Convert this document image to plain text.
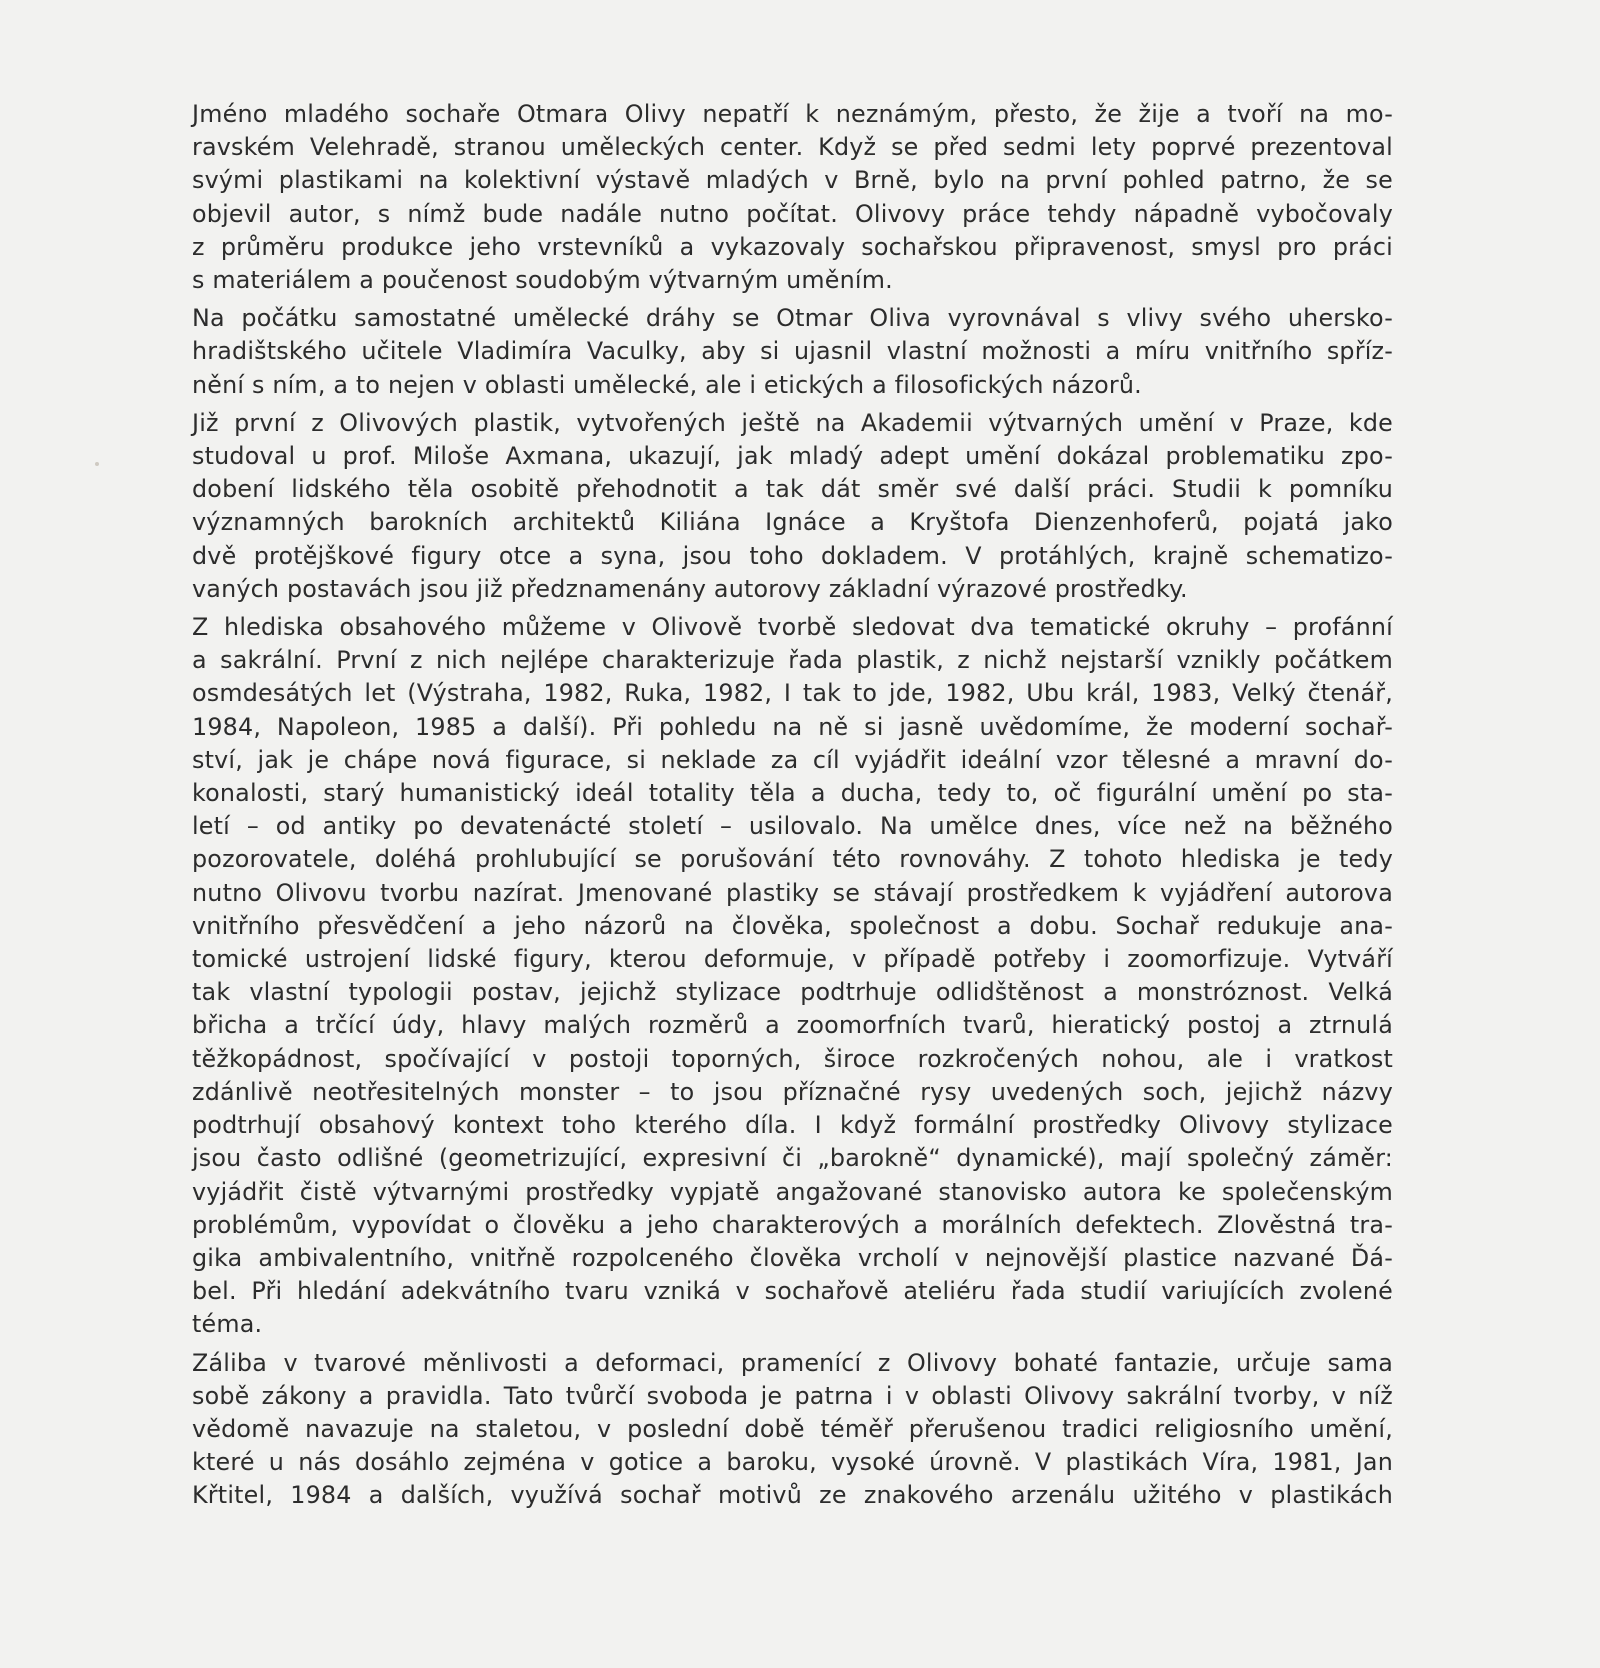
Jméno mladého sochaře Otmara Olivy nepatří k neznámým, přesto, že žije a tvoří na mo-
ravském Velehradě, stranou uměleckých center. Když se před sedmi lety poprvé prezentoval
svými plastikami na kolektivní výstavě mladých v Brně, bylo na první pohled patrno, že se
objevil autor, s nímž bude nadále nutno počítat. Olivovy práce tehdy nápadně vybočovaly
z průměru produkce jeho vrstevníků a vykazovaly sochařskou připravenost, smysl pro práci
s materiálem a poučenost soudobým výtvarným uměním.
Na počátku samostatné umělecké dráhy se Otmar Oliva vyrovnával s vlivy svého uhersko-
hradištského učitele Vladimíra Vaculky, aby si ujasnil vlastní možnosti a míru vnitřního spříz-
nění s ním, a to nejen v oblasti umělecké, ale i etických a filosofických názorů.
Již první z Olivových plastik, vytvořených ještě na Akademii výtvarných umění v Praze, kde
studoval u prof. Miloše Axmana, ukazují, jak mladý adept umění dokázal problematiku zpo-
dobení lidského těla osobitě přehodnotit a tak dát směr své další práci. Studii k pomníku
významných barokních architektů Kiliána Ignáce a Kryštofa Dienzenhoferů, pojatá jako
dvě protějškové figury otce a syna, jsou toho dokladem. V protáhlých, krajně schematizo-
vaných postavách jsou již předznamenány autorovy základní výrazové prostředky.
Z hlediska obsahového můžeme v Olivově tvorbě sledovat dva tematické okruhy – profánní
a sakrální. První z nich nejlépe charakterizuje řada plastik, z nichž nejstarší vznikly počátkem
osmdesátých let (Výstraha, 1982, Ruka, 1982, I tak to jde, 1982, Ubu král, 1983, Velký čtenář,
1984, Napoleon, 1985 a další). Při pohledu na ně si jasně uvědomíme, že moderní sochař-
ství, jak je chápe nová figurace, si neklade za cíl vyjádřit ideální vzor tělesné a mravní do-
konalosti, starý humanistický ideál totality těla a ducha, tedy to, oč figurální umění po sta-
letí – od antiky po devatenácté století – usilovalo. Na umělce dnes, více než na běžného
pozorovatele, doléhá prohlubující se porušování této rovnováhy. Z tohoto hlediska je tedy
nutno Olivovu tvorbu nazírat. Jmenované plastiky se stávají prostředkem k vyjádření autorova
vnitřního přesvědčení a jeho názorů na člověka, společnost a dobu. Sochař redukuje ana-
tomické ustrojení lidské figury, kterou deformuje, v případě potřeby i zoomorfizuje. Vytváří
tak vlastní typologii postav, jejichž stylizace podtrhuje odlidštěnost a monstróznost. Velká
břicha a trčící údy, hlavy malých rozměrů a zoomorfních tvarů, hieratický postoj a ztrnulá
těžkopádnost, spočívající v postoji toporných, široce rozkročených nohou, ale i vratkost
zdánlivě neotřesitelných monster – to jsou příznačné rysy uvedených soch, jejichž názvy
podtrhují obsahový kontext toho kterého díla. I když formální prostředky Olivovy stylizace
jsou často odlišné (geometrizující, expresivní či „barokně“ dynamické), mají společný záměr:
vyjádřit čistě výtvarnými prostředky vypjatě angažované stanovisko autora ke společenským
problémům, vypovídat o člověku a jeho charakterových a morálních defektech. Zlověstná tra-
gika ambivalentního, vnitřně rozpolceného člověka vrcholí v nejnovější plastice nazvané Ďá-
bel. Při hledání adekvátního tvaru vzniká v sochařově ateliéru řada studií variujících zvolené
téma.
Záliba v tvarové měnlivosti a deformaci, pramenící z Olivovy bohaté fantazie, určuje sama
sobě zákony a pravidla. Tato tvůrčí svoboda je patrna i v oblasti Olivovy sakrální tvorby, v níž
vědomě navazuje na staletou, v poslední době téměř přerušenou tradici religiosního umění,
které u nás dosáhlo zejména v gotice a baroku, vysoké úrovně. V plastikách Víra, 1981, Jan
Křtitel, 1984 a dalších, využívá sochař motivů ze znakového arzenálu užitého v plastikách
